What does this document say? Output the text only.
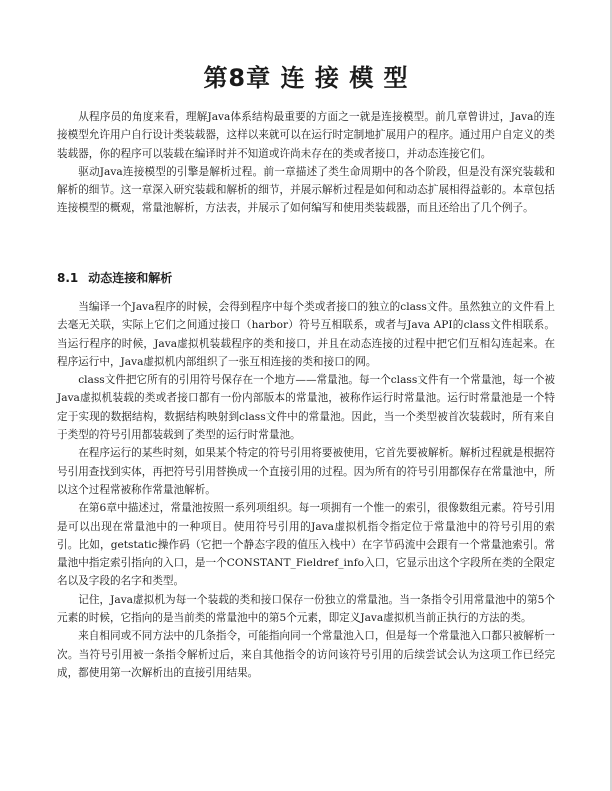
第8章 连 接 模 型

从程序员的角度来看，理解Java体系结构最重要的方面之一就是连接模型。前几章曾讲过，Java的连接模型允许用户自行设计类装载器，这样以来就可以在运行时定制地扩展用户的程序。通过用户自定义的类装载器，你的程序可以装载在编译时并不知道或许尚未存在的类或者接口，并动态连接它们。

驱动Java连接模型的引擎是解析过程。前一章描述了类生命周期中的各个阶段，但是没有深究装载和解析的细节。这一章深入研究装载和解析的细节，并展示解析过程是如何和动态扩展相得益彰的。本章包括连接模型的概观，常量池解析，方法表，并展示了如何编写和使用类装载器，而且还给出了几个例子。

8.1 动态连接和解析

当编译一个Java程序的时候，会得到程序中每个类或者接口的独立的class文件。虽然独立的文件看上去毫无关联，实际上它们之间通过接口（harbor）符号互相联系，或者与Java API的class文件相联系。当运行程序的时候，Java虚拟机装载程序的类和接口，并且在动态连接的过程中把它们互相勾连起来。在程序运行中，Java虚拟机内部组织了一张互相连接的类和接口的网。

class文件把它所有的引用符号保存在一个地方——常量池。每一个class文件有一个常量池，每一个被Java虚拟机装载的类或者接口都有一份内部版本的常量池，被称作运行时常量池。运行时常量池是一个特定于实现的数据结构，数据结构映射到class文件中的常量池。因此，当一个类型被首次装载时，所有来自于类型的符号引用都装载到了类型的运行时常量池。

在程序运行的某些时刻，如果某个特定的符号引用将要被使用，它首先要被解析。解析过程就是根据符号引用查找到实体，再把符号引用替换成一个直接引用的过程。因为所有的符号引用都保存在常量池中，所以这个过程常被称作常量池解析。

在第6章中描述过，常量池按照一系列项组织。每一项拥有一个惟一的索引，很像数组元素。符号引用是可以出现在常量池中的一种项目。使用符号引用的Java虚拟机指令指定位于常量池中的符号引用的索引。比如，getstatic操作码（它把一个静态字段的值压入栈中）在字节码流中会跟有一个常量池索引。常量池中指定索引指向的入口，是一个CONSTANT_Fieldref_info入口，它显示出这个字段所在类的全限定名以及字段的名字和类型。

记住，Java虚拟机为每一个装载的类和接口保存一份独立的常量池。当一条指令引用常量池中的第5个元素的时候，它指向的是当前类的常量池中的第5个元素，即定义Java虚拟机当前正执行的方法的类。

来自相同或不同方法中的几条指令，可能指向同一个常量池入口，但是每一个常量池入口都只被解析一次。当符号引用被一条指令解析过后，来自其他指令的访问该符号引用的后续尝试会认为这项工作已经完成，都使用第一次解析出的直接引用结果。
